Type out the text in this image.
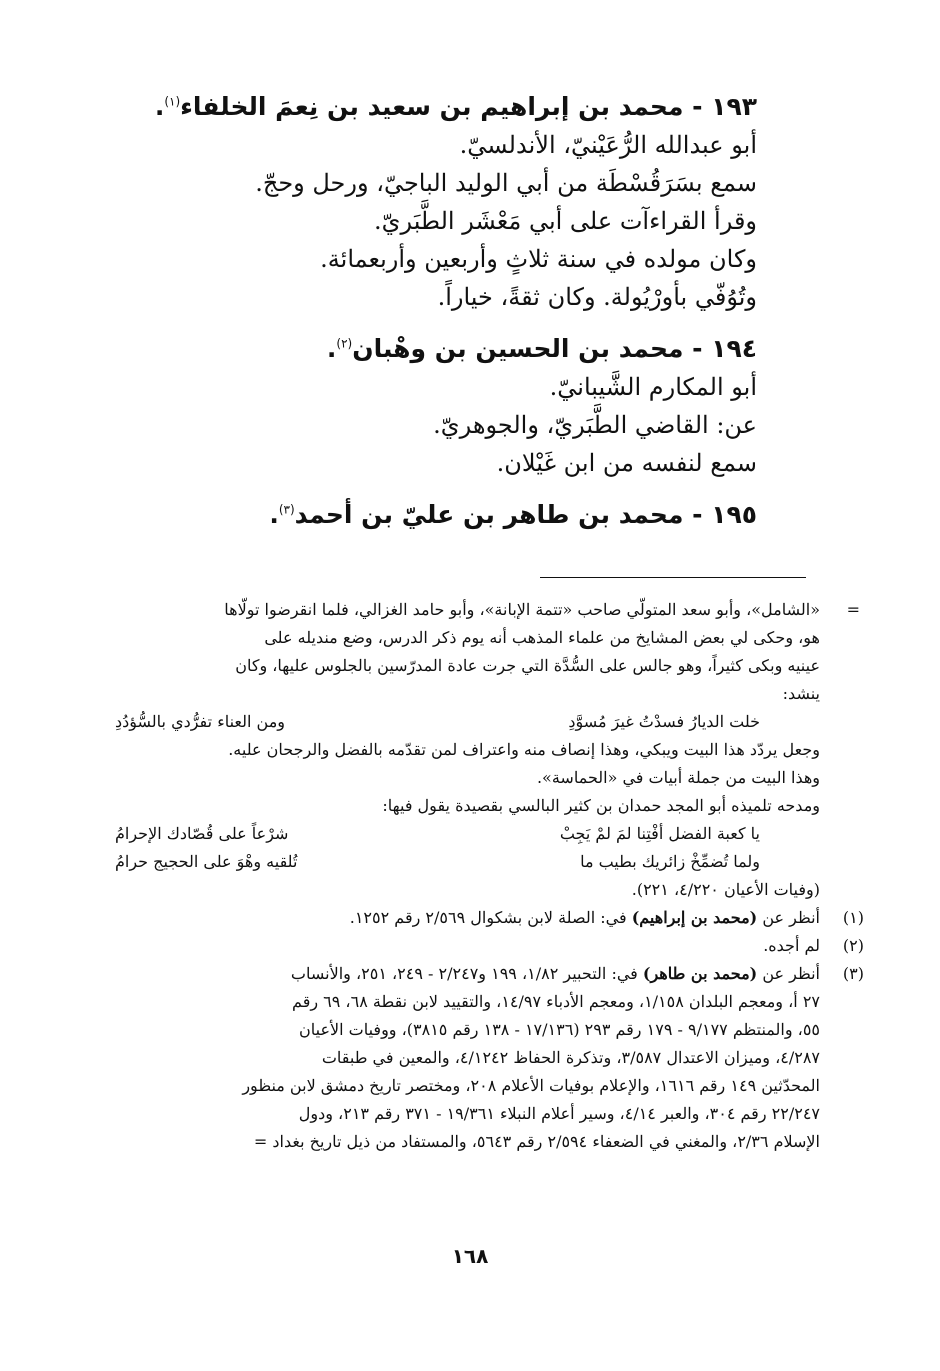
١٩٣ - محمد بن إبراهيم بن سعيد بن نِعمَ الخلفاء$^{(١)}$.
أبو عبدالله الرُّعَيْنيّ، الأندلسيّ.
سمع بسَرَقُسْطَة من أبي الوليد الباجيّ، ورحل وحجّ.
وقرأ القراءآت على أبي مَعْشَر الطَّبَريّ.
وكان مولده في سنة ثلاثٍ وأربعين وأربعمائة.
وتُوُفّي بأورْيُولة. وكان ثقةً، خياراً.
١٩٤ - محمد بن الحسين بن وهْبان$^{(٢)}$.
أبو المكارم الشَّيبانيّ.
عن: القاضي الطَّبَريّ، والجوهريّ.
سمع لنفسه من ابن غَيْلان.
١٩٥ - محمد بن طاهر بن عليّ بن أحمد$^{(٣)}$.
=
«الشامل»، وأبو سعد المتولّي صاحب «تتمة الإبانة»، وأبو حامد الغزالي، فلما انقرضوا تولّاها
هو، وحكى لي بعض المشايخ من علماء المذهب أنه يوم ذكر الدرس، وضع منديله على
عينيه وبكى كثيراً، وهو جالس على السُّدَّة التي جرت عادة المدرّسين بالجلوس عليها، وكان
ينشد:
خلت الديارُ فسدْتُ غيرَ مُسوَّدِ
ومن العناء تفرُّدي بالسُّؤدُدِ
وجعل يردّد هذا البيت ويبكي، وهذا إنصاف منه واعتراف لمن تقدّمه بالفضل والرجحان عليه.
وهذا البيت من جملة أبيات في «الحماسة».
ومدحه تلميذه أبو المجد حمدان بن كثير البالسي بقصيدة يقول فيها:
يا كعبة الفضل أفْتِنا لمَ لمْ يَجِبْ
شرْعاً على قُصّادك الإحرامُ
ولما تُضمِّخْ زائريك بطيب ما
تُلقيه وهْوَ على الحجيج حرامُ
(وفيات الأعيان ٤/٢٢٠، ٢٢١).
(١)
أنظر عن (محمد بن إبراهيم) في: الصلة لابن بشكوال ٢/٥٦٩ رقم ١٢٥٢.
(٢)
لم أجده.
(٣)
أنظر عن (محمد بن طاهر) في: التحبير ١/٨٢، ١٩٩ و٢/٢٤٧ - ٢٤٩، ٢٥١، والأنساب
٢٧ أ، ومعجم البلدان ١/١٥٨، ومعجم الأدباء ١٤/٩٧، والتقييد لابن نقطة ٦٨، ٦٩ رقم
٥٥، والمنتظم ٩/١٧٧ - ١٧٩ رقم ٢٩٣ (١٧/١٣٦ - ١٣٨ رقم ٣٨١٥)، ووفيات الأعيان
٤/٢٨٧، وميزان الاعتدال ٣/٥٨٧، وتذكرة الحفاظ ٤/١٢٤٢، والمعين في طبقات
المحدّثين ١٤٩ رقم ١٦١٦، والإعلام بوفيات الأعلام ٢٠٨، ومختصر تاريخ دمشق لابن منظور
٢٢/٢٤٧ رقم ٣٠٤، والعبر ٤/١٤، وسير أعلام النبلاء ١٩/٣٦١ - ٣٧١ رقم ٢١٣، ودول
الإسلام ٢/٣٦، والمغني في الضعفاء ٢/٥٩٤ رقم ٥٦٤٣، والمستفاد من ذيل تاريخ بغداد =
١٦٨
